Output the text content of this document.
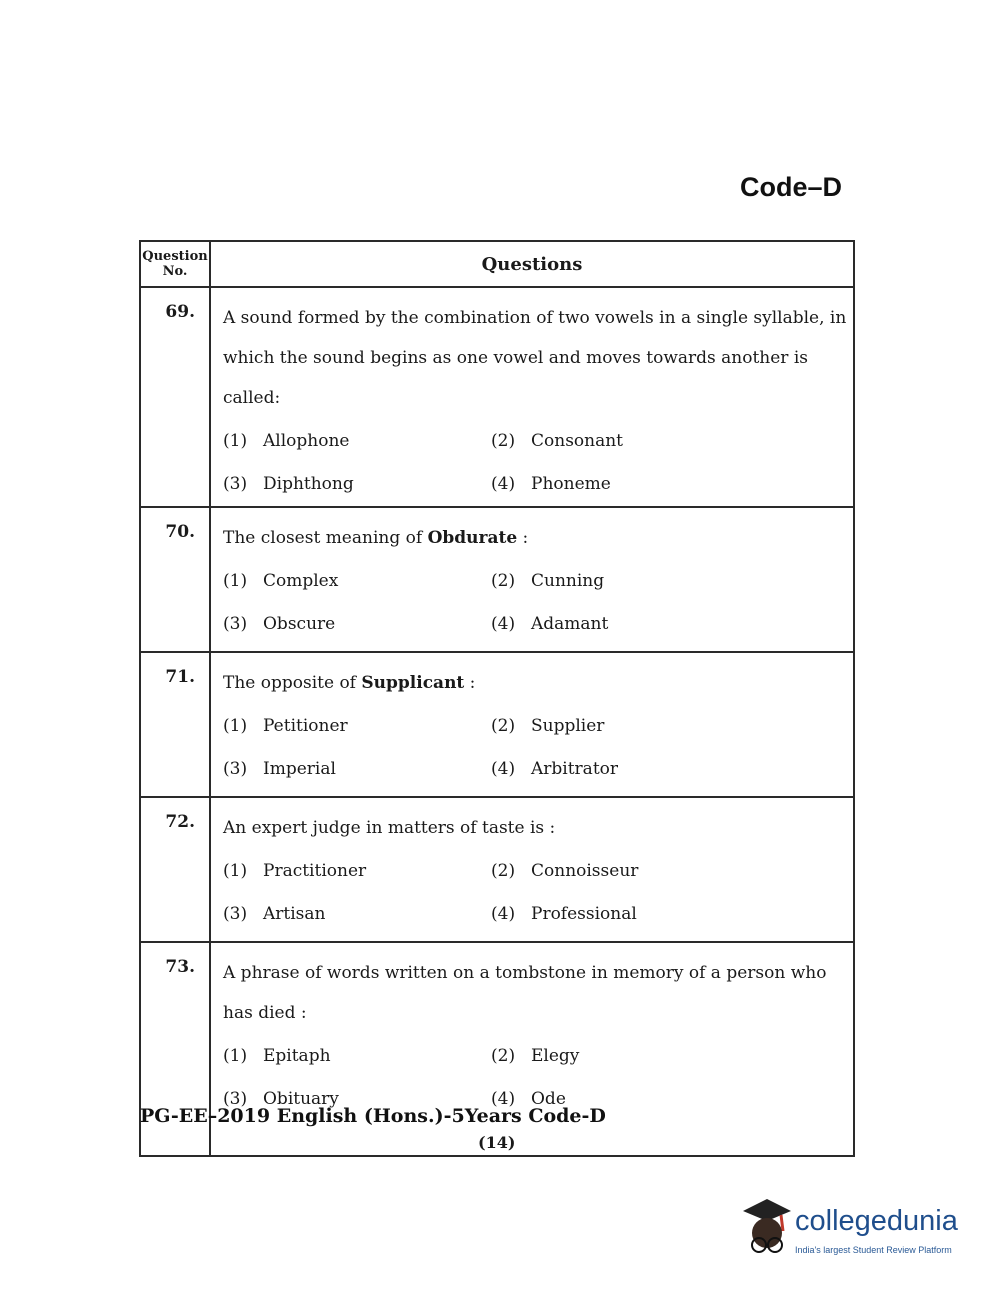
Code–D
Question
No.	Questions
69.	A sound formed by the combination of two vowels in a single syllable, in which the sound begins as one vowel and moves towards another is called:

(1) Allophone (2) Consonant
(3) Diphthong (4) Phoneme

70.	The closest meaning of Obdurate :

(1) Complex (2) Cunning
(3) Obscure (4) Adamant

71.	The opposite of Supplicant :

(1) Petitioner (2) Supplier
(3) Imperial (4) Arbitrator

72.	An expert judge in matters of taste is :

(1) Practitioner (2) Connoisseur
(3) Artisan (4) Professional

73.	A phrase of words written on a tombstone in memory of a person who has died :

(1) Epitaph (2) Elegy
(3) Obituary (4) Ode
PG-EE–2019 English (Hons.)-5Years Code-D
(14)
collegedunia
India's largest Student Review Platform
